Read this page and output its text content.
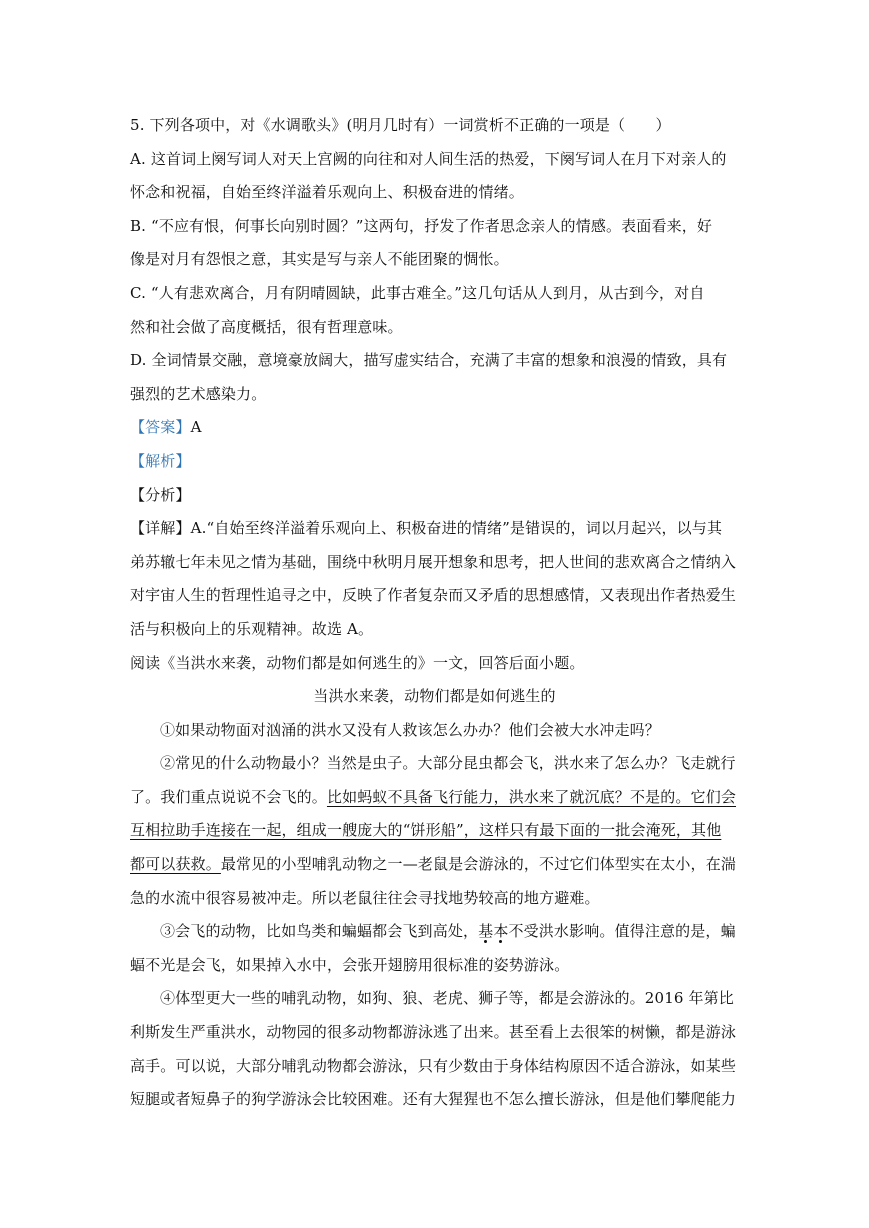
5. 下列各项中，对《水调歌头》(明月几时有）一词赏析不正确的一项是（　　）
A. 这首词上阕写词人对天上宫阙的向往和对人间生活的热爱，下阕写词人在月下对亲人的
怀念和祝福，自始至终洋溢着乐观向上、积极奋进的情绪。
B. “不应有恨，何事长向别时圆？”这两句，抒发了作者思念亲人的情感。表面看来，好
像是对月有怨恨之意，其实是写与亲人不能团聚的惆怅。
C. “人有悲欢离合，月有阴晴圆缺，此事古难全。”这几句话从人到月，从古到今，对自
然和社会做了高度概括，很有哲理意味。
D. 全词情景交融，意境豪放阔大，描写虚实结合，充满了丰富的想象和浪漫的情致，具有
强烈的艺术感染力。
【答案】A
【解析】
【分析】
【详解】A.“自始至终洋溢着乐观向上、积极奋进的情绪”是错误的，词以月起兴，以与其
弟苏辙七年未见之情为基础，围绕中秋明月展开想象和思考，把人世间的悲欢离合之情纳入
对宇宙人生的哲理性追寻之中，反映了作者复杂而又矛盾的思想感情，又表现出作者热爱生
活与积极向上的乐观精神。故选 A。
阅读《当洪水来袭，动物们都是如何逃生的》一文，回答后面小题。
当洪水来袭，动物们都是如何逃生的
①如果动物面对汹涌的洪水又没有人救该怎么办办？他们会被大水冲走吗？
②常见的什么动物最小？当然是虫子。大部分昆虫都会飞，洪水来了怎么办？飞走就行
了。我们重点说说不会飞的。比如蚂蚁不具备飞行能力，洪水来了就沉底？不是的。它们会
互相拉助手连接在一起，组成一艘庞大的“饼形船”，这样只有最下面的一批会淹死，其他
都可以获救。最常见的小型哺乳动物之一—老鼠是会游泳的，不过它们体型实在太小，在湍
急的水流中很容易被冲走。所以老鼠往往会寻找地势较高的地方避难。
③会飞的动物，比如鸟类和蝙蝠都会飞到高处，基本不受洪水影响。值得注意的是，蝙
蝠不光是会飞，如果掉入水中，会张开翅膀用很标准的姿势游泳。
④体型更大一些的哺乳动物，如狗、狼、老虎、狮子等，都是会游泳的。2016 年第比
利斯发生严重洪水，动物园的很多动物都游泳逃了出来。甚至看上去很笨的树懒，都是游泳
高手。可以说，大部分哺乳动物都会游泳，只有少数由于身体结构原因不适合游泳，如某些
短腿或者短鼻子的狗学游泳会比较困难。还有大猩猩也不怎么擅长游泳，但是他们攀爬能力
